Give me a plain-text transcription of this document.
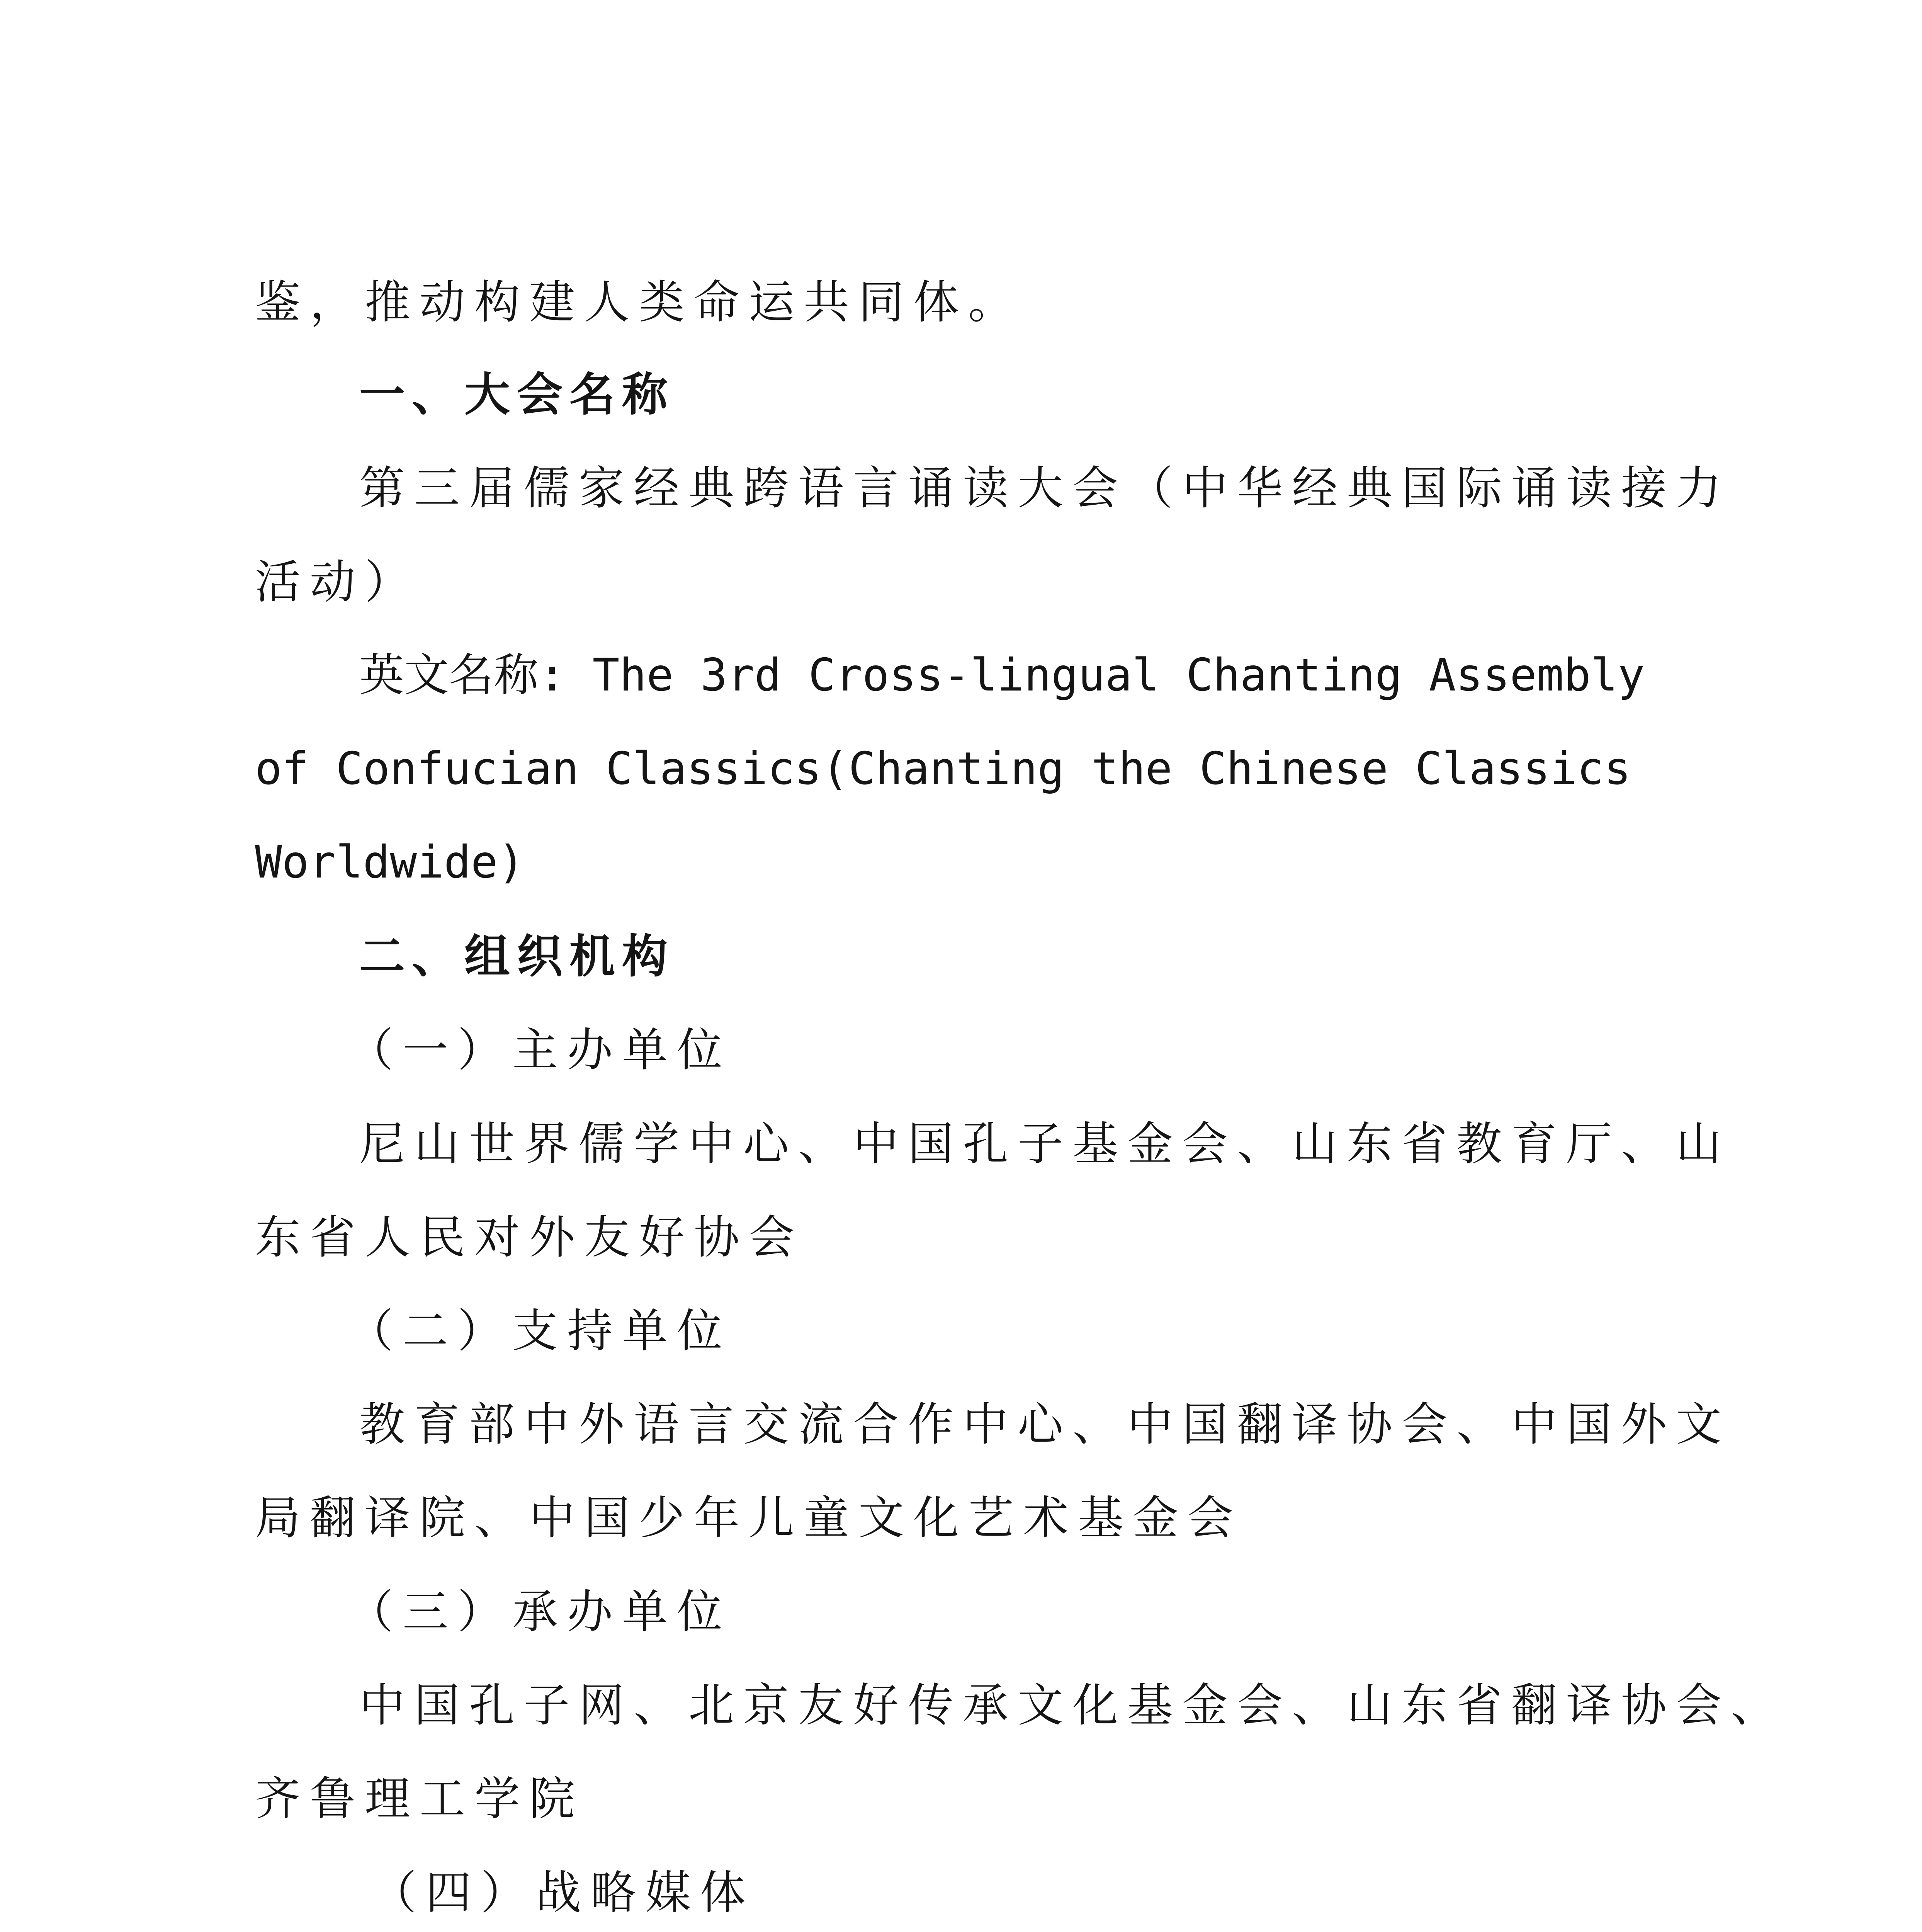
鉴，推动构建人类命运共同体。
一、大会名称
第三届儒家经典跨语言诵读大会（中华经典国际诵读接力
活动）
英文名称: The 3rd Cross-lingual Chanting Assembly
of Confucian Classics(Chanting the Chinese Classics
Worldwide)
二、组织机构
（一）主办单位
尼山世界儒学中心、中国孔子基金会、山东省教育厅、山
东省人民对外友好协会
（二）支持单位
教育部中外语言交流合作中心、中国翻译协会、中国外文
局翻译院、中国少年儿童文化艺术基金会
（三）承办单位
中国孔子网、北京友好传承文化基金会、山东省翻译协会、
齐鲁理工学院
（四）战略媒体
